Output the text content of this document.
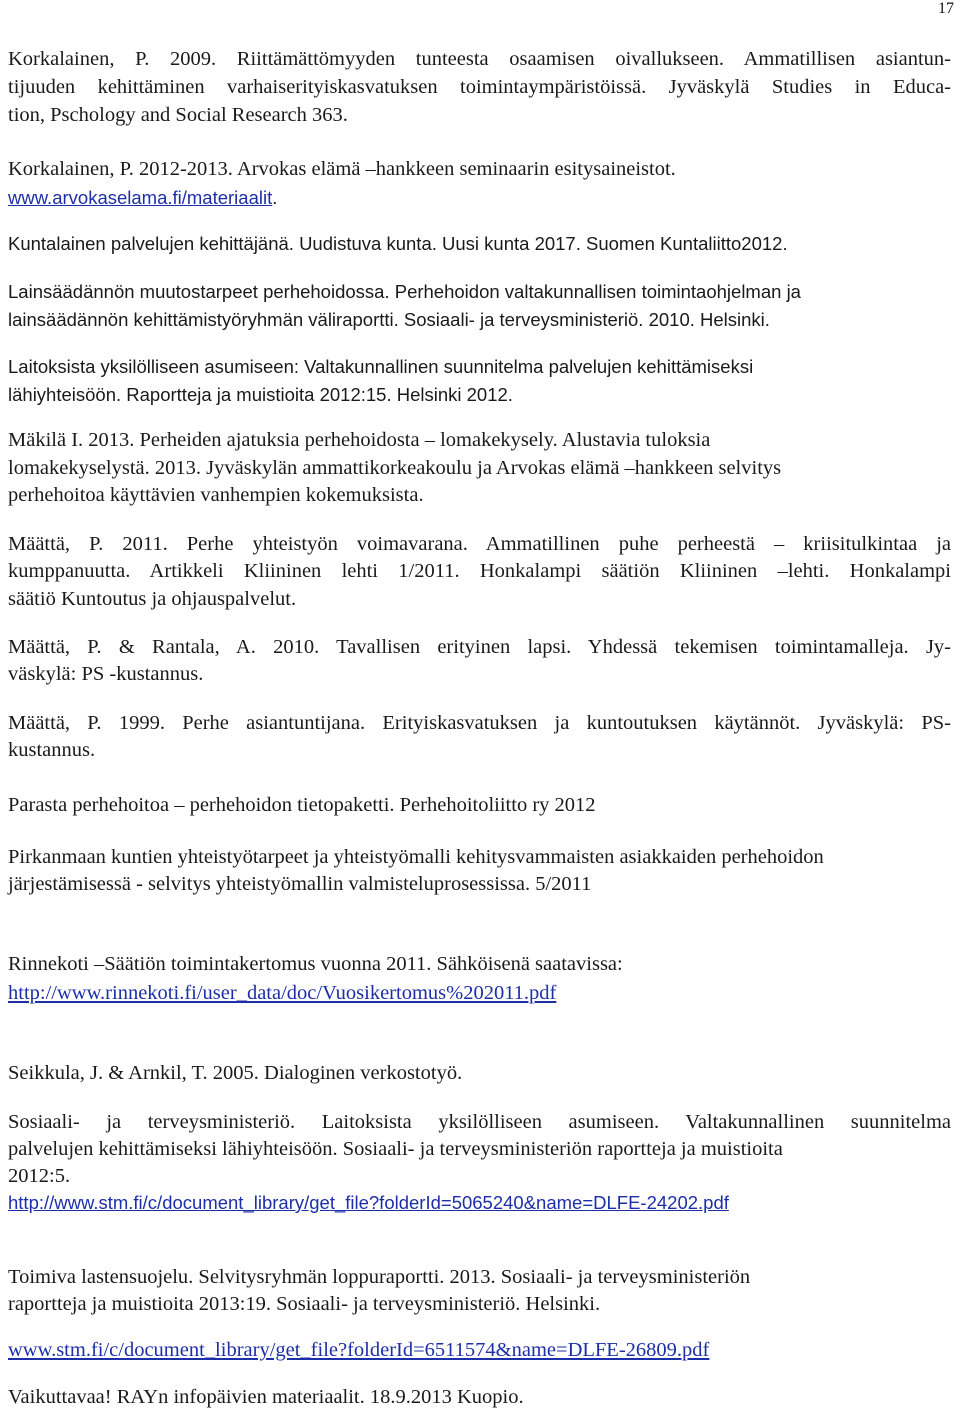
17
Korkalainen, P. 2009. Riittämättömyyden tunteesta osaamisen oivallukseen. Ammatillisen asiantun-
tijuuden kehittäminen varhaiserityiskasvatuksen toimintaympäristöissä. Jyväskylä Studies in Educa-
tion, Pschology and Social Research 363.
Korkalainen, P. 2012-2013. Arvokas elämä –hankkeen seminaarin esitysaineistot.
www.arvokaselama.fi/materiaalit.
Kuntalainen palvelujen kehittäjänä. Uudistuva kunta. Uusi kunta 2017. Suomen Kuntaliitto2012.
Lainsäädännön muutostarpeet perhehoidossa. Perhehoidon valtakunnallisen toimintaohjelman ja
lainsäädännön kehittämistyöryhmän väliraportti. Sosiaali- ja terveysministeriö. 2010. Helsinki.
Laitoksista yksilölliseen asumiseen: Valtakunnallinen suunnitelma palvelujen kehittämiseksi
lähiyhteisöön. Raportteja ja muistioita 2012:15. Helsinki 2012.
Mäkilä I. 2013. Perheiden ajatuksia perhehoidosta – lomakekysely. Alustavia tuloksia
lomakekyselystä. 2013. Jyväskylän ammattikorkeakoulu ja Arvokas elämä –hankkeen selvitys
perhehoitoa käyttävien vanhempien kokemuksista.
Määttä, P. 2011. Perhe yhteistyön voimavarana. Ammatillinen puhe perheestä – kriisitulkintaa ja
kumppanuutta. Artikkeli Kliininen lehti 1/2011. Honkalampi säätiön Kliininen –lehti. Honkalampi
säätiö Kuntoutus ja ohjauspalvelut.
Määttä, P. & Rantala, A. 2010. Tavallisen erityinen lapsi. Yhdessä tekemisen toimintamalleja. Jy-
väskylä: PS -kustannus.
Määttä, P. 1999. Perhe asiantuntijana. Erityiskasvatuksen ja kuntoutuksen käytännöt. Jyväskylä: PS-
kustannus.
Parasta perhehoitoa – perhehoidon tietopaketti. Perhehoitoliitto ry 2012
Pirkanmaan kuntien yhteistyötarpeet ja yhteistyömalli kehitysvammaisten asiakkaiden perhehoidon
järjestämisessä - selvitys yhteistyömallin valmisteluprosessissa. 5/2011
Rinnekoti –Säätiön toimintakertomus vuonna 2011. Sähköisenä saatavissa:
http://www.rinnekoti.fi/user_data/doc/Vuosikertomus%202011.pdf
Seikkula, J. & Arnkil, T. 2005. Dialoginen verkostotyö.
Sosiaali- ja terveysministeriö. Laitoksista yksilölliseen asumiseen. Valtakunnallinen suunnitelma
palvelujen kehittämiseksi lähiyhteisöön. Sosiaali- ja terveysministeriön raportteja ja muistioita
2012:5.
http://www.stm.fi/c/document_library/get_file?folderId=5065240&name=DLFE-24202.pdf
Toimiva lastensuojelu. Selvitysryhmän loppuraportti. 2013. Sosiaali- ja terveysministeriön
raportteja ja muistioita 2013:19. Sosiaali- ja terveysministeriö. Helsinki.
www.stm.fi/c/document_library/get_file?folderId=6511574&name=DLFE-26809.pdf
Vaikuttavaa! RAYn infopäivien materiaalit. 18.9.2013 Kuopio.
